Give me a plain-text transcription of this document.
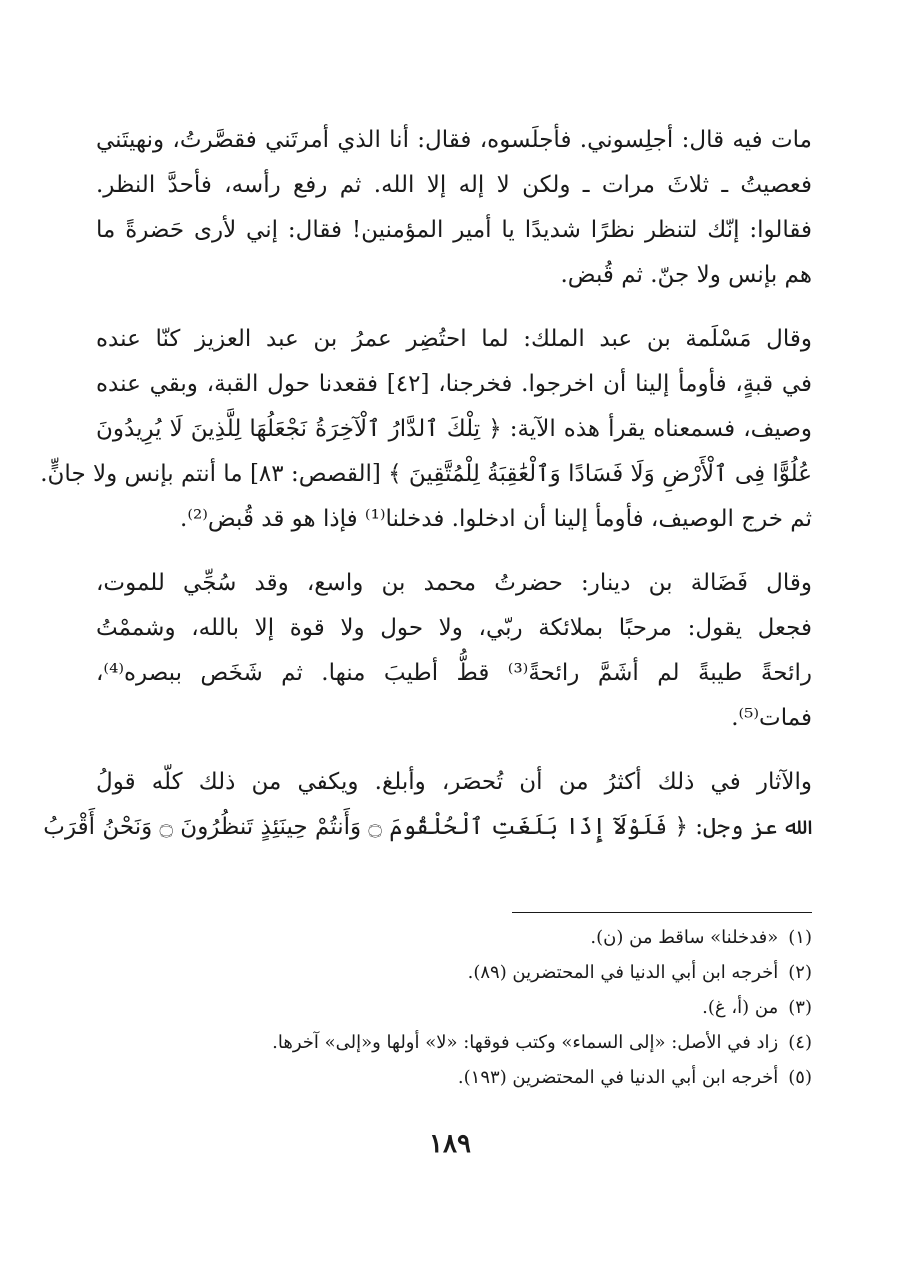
مات فيه قال: أجلِسوني. فأجلَسوه، فقال: أنا الذي أمرتَني فقصَّرتُ، ونهيتَني
فعصيتُ ـ ثلاثَ مرات ـ ولكن لا إله إلا الله. ثم رفع رأسه، فأحدَّ النظر.
فقالوا: إنّك لتنظر نظرًا شديدًا يا أمير المؤمنين! فقال: إني لأرى حَضرةً ما
هم بإنس ولا جنّ. ثم قُبض.
وقال مَسْلَمة بن عبد الملك: لما احتُضِر عمرُ بن عبد العزيز كنّا عنده
في قبةٍ، فأومأ إلينا أن اخرجوا. فخرجنا، [٤٢] فقعدنا حول القبة، وبقي عنده
وصيف، فسمعناه يقرأ هذه الآية: ﴿ تِلْكَ ٱلدَّارُ ٱلْآخِرَةُ نَجْعَلُهَا لِلَّذِينَ لَا يُرِيدُونَ
عُلُوًّا فِى ٱلْأَرْضِ وَلَا فَسَادًا وَٱلْعَٰقِبَةُ لِلْمُتَّقِينَ ﴾ [القصص: ٨٣] ما أنتم بإنس ولا جانٍّ.
ثم خرج الوصيف، فأومأ إلينا أن ادخلوا. فدخلنا⁽¹⁾ فإذا هو قد قُبض⁽²⁾.
وقال فَضَالة بن دينار: حضرتُ محمد بن واسع، وقد سُجِّي للموت،
فجعل يقول: مرحبًا بملائكة ربّي، ولا حول ولا قوة إلا بالله، وشممْتُ
رائحةً طيبةً لم أشَمَّ رائحةً⁽³⁾ قطُّ أطيبَ منها. ثم شَخَص ببصره⁽⁴⁾،
فمات⁽⁵⁾.
والآثار في ذلك أكثرُ من أن تُحصَر، وأبلغ. ويكفي من ذلك كلّه قولُ
الله عز وجل: ﴿ فَلَوْلَآ إِذَا بَلَغَتِ ٱلْحُلْقُومَ ۝ وَأَنتُمْ حِينَئِذٍ تَنظُرُونَ ۝ وَنَحْنُ أَقْرَبُ
(١)«فدخلنا» ساقط من (ن).
(٢)أخرجه ابن أبي الدنيا في المحتضرين (٨٩).
(٣)من (أ، غ).
(٤)زاد في الأصل: «إلى السماء» وكتب فوقها: «لا» أولها و«إلى» آخرها.
(٥)أخرجه ابن أبي الدنيا في المحتضرين (١٩٣).
١٨٩
